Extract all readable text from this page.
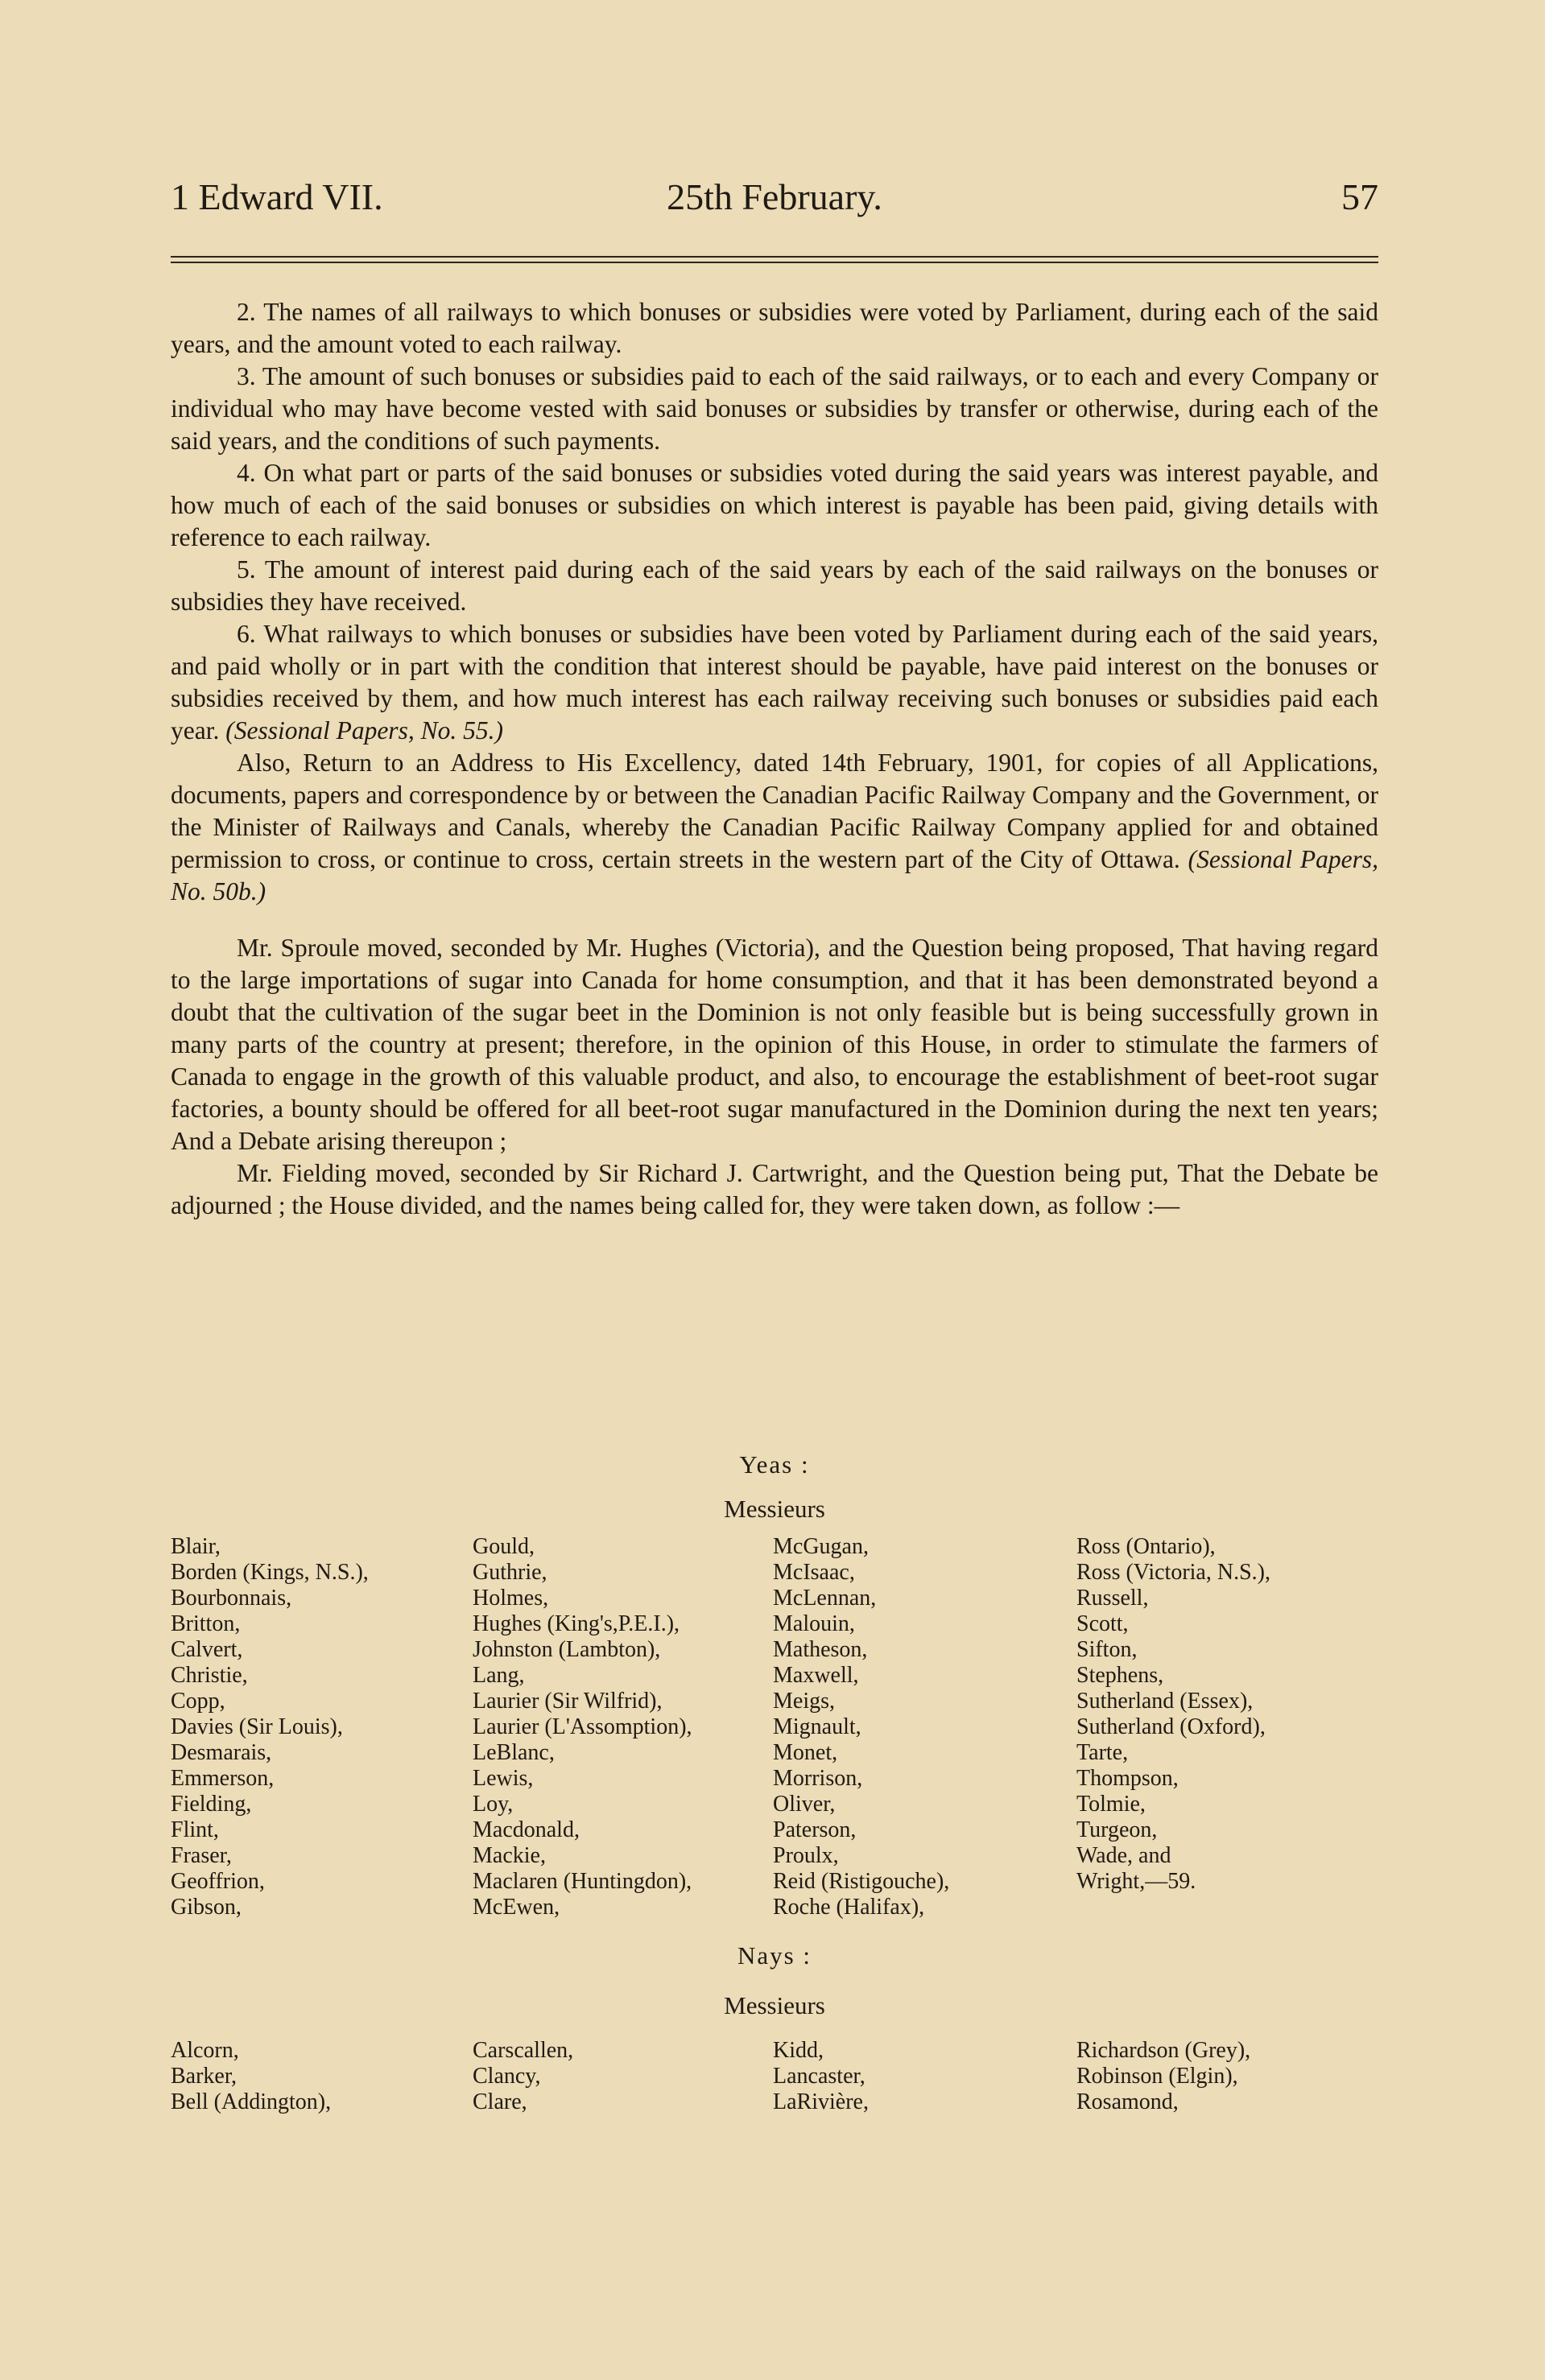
1 Edward VII.	25th February.	57

2. The names of all railways to which bonuses or subsidies were voted by Parliament, during each of the said years, and the amount voted to each railway.

3. The amount of such bonuses or subsidies paid to each of the said railways, or to each and every Company or individual who may have become vested with said bonuses or subsidies by transfer or otherwise, during each of the said years, and the conditions of such payments.

4. On what part or parts of the said bonuses or subsidies voted during the said years was interest payable, and how much of each of the said bonuses or subsidies on which interest is payable has been paid, giving details with reference to each railway.

5. The amount of interest paid during each of the said years by each of the said railways on the bonuses or subsidies they have received.

6. What railways to which bonuses or subsidies have been voted by Parliament during each of the said years, and paid wholly or in part with the condition that interest should be payable, have paid interest on the bonuses or subsidies received by them, and how much interest has each railway receiving such bonuses or subsidies paid each year. (Sessional Papers, No. 55.)

Also, Return to an Address to His Excellency, dated 14th February, 1901, for copies of all Applications, documents, papers and correspondence by or between the Canadian Pacific Railway Company and the Government, or the Minister of Railways and Canals, whereby the Canadian Pacific Railway Company applied for and obtained permission to cross, or continue to cross, certain streets in the western part of the City of Ottawa. (Sessional Papers, No. 50b.)

Mr. Sproule moved, seconded by Mr. Hughes (Victoria), and the Question being proposed, That having regard to the large importations of sugar into Canada for home consumption, and that it has been demonstrated beyond a doubt that the cultivation of the sugar beet in the Dominion is not only feasible but is being successfully grown in many parts of the country at present; therefore, in the opinion of this House, in order to stimulate the farmers of Canada to engage in the growth of this valuable product, and also, to encourage the establishment of beet-root sugar factories, a bounty should be offered for all beet-root sugar manufactured in the Dominion during the next ten years; And a Debate arising thereupon ;

Mr. Fielding moved, seconded by Sir Richard J. Cartwright, and the Question being put, That the Debate be adjourned ; the House divided, and the names being called for, they were taken down, as follow :—

Yeas :
Messieurs
Blair,
Borden (Kings, N.S.),
Bourbonnais,
Britton,
Calvert,
Christie,
Copp,
Davies (Sir Louis),
Desmarais,
Emmerson,
Fielding,
Flint,
Fraser,
Geoffrion,
Gibson,
Gould,
Guthrie,
Holmes,
Hughes (King's,P.E.I.),
Johnston (Lambton),
Lang,
Laurier (Sir Wilfrid),
Laurier (L'Assomption),
LeBlanc,
Lewis,
Loy,
Macdonald,
Mackie,
Maclaren (Huntingdon),
McEwen,
McGugan,
McIsaac,
McLennan,
Malouin,
Matheson,
Maxwell,
Meigs,
Mignault,
Monet,
Morrison,
Oliver,
Paterson,
Proulx,
Reid (Ristigouche),
Roche (Halifax),
Ross (Ontario),
Ross (Victoria, N.S.),
Russell,
Scott,
Sifton,
Stephens,
Sutherland (Essex),
Sutherland (Oxford),
Tarte,
Thompson,
Tolmie,
Turgeon,
Wade, and
Wright,—59.
Nays :
Messieurs
Alcorn,
Barker,
Bell (Addington),
Carscallen,
Clancy,
Clare,
Kidd,
Lancaster,
LaRivière,
Richardson (Grey),
Robinson (Elgin),
Rosamond,
